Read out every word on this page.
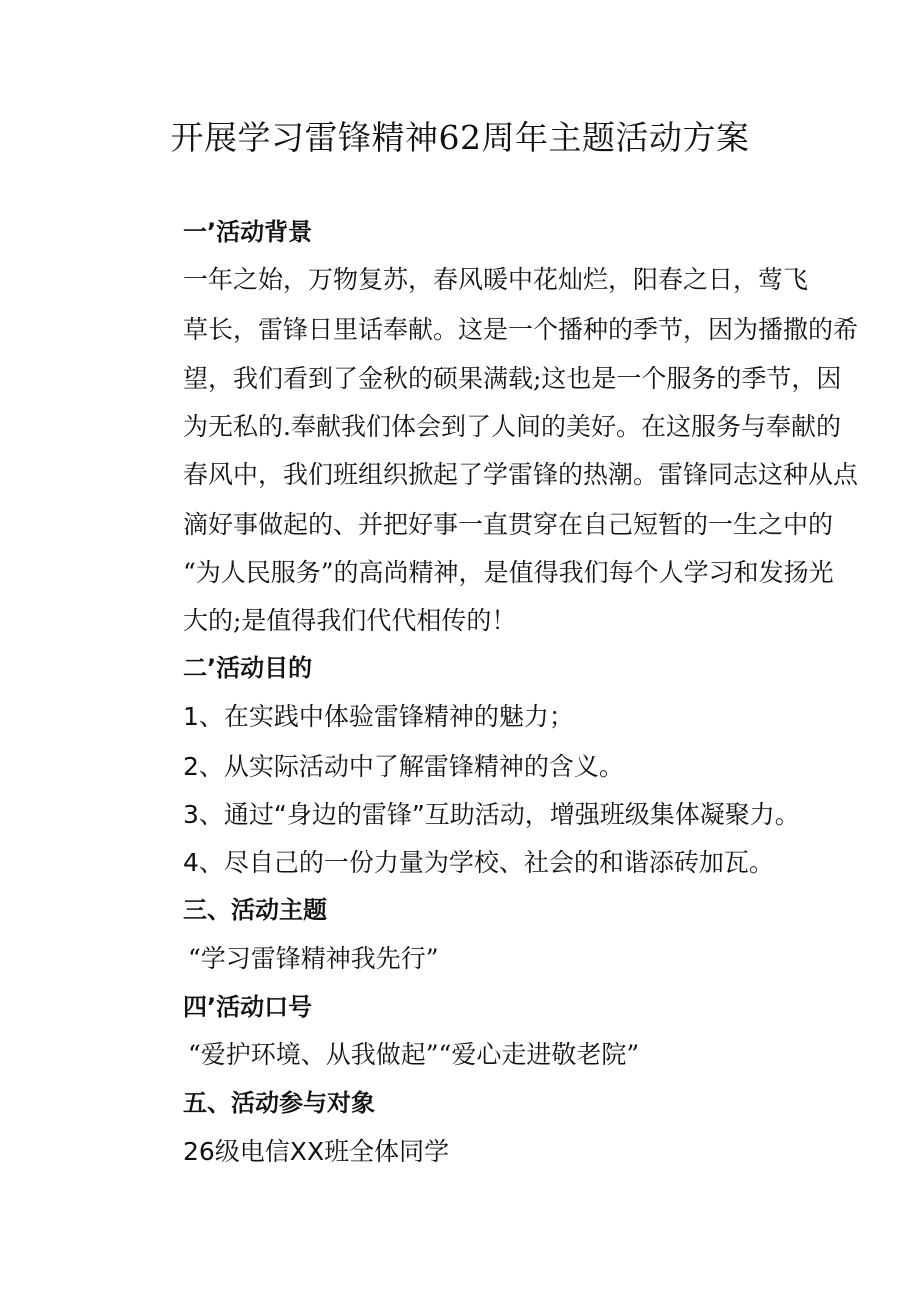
开展学习雷锋精神62周年主题活动方案
一’活动背景
一年之始，万物复苏，春风暖中花灿烂，阳春之日，莺飞
草长，雷锋日里话奉献。这是一个播种的季节，因为播撒的希
望，我们看到了金秋的硕果满载;这也是一个服务的季节，因
为无私的.奉献我们体会到了人间的美好。在这服务与奉献的
春风中，我们班组织掀起了学雷锋的热潮。雷锋同志这种从点
滴好事做起的、并把好事一直贯穿在自己短暂的一生之中的
“为人民服务”的高尚精神，是值得我们每个人学习和发扬光
大的;是值得我们代代相传的！
二’活动目的
1、在实践中体验雷锋精神的魅力；
2、从实际活动中了解雷锋精神的含义。
3、通过“身边的雷锋”互助活动，增强班级集体凝聚力。
4、尽自己的一份力量为学校、社会的和谐添砖加瓦。
三、活动主题
“学习雷锋精神我先行”
四’活动口号
“爱护环境、从我做起”“爱心走进敬老院”
五、活动参与对象
26级电信XX班全体同学
